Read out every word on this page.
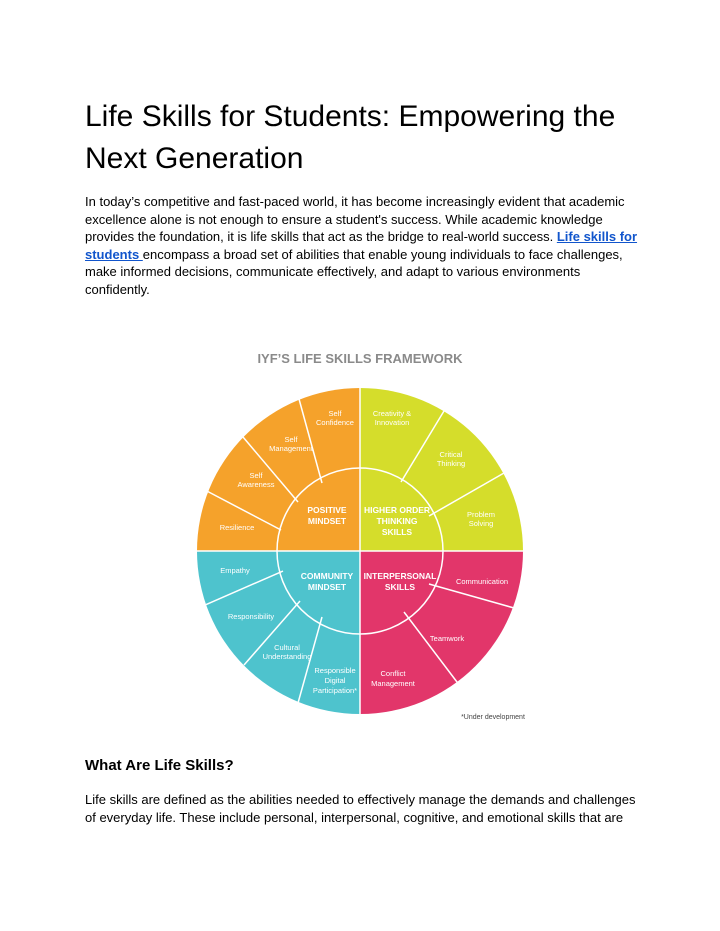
Life Skills for Students: Empowering the Next Generation

In today’s competitive and fast-paced world, it has become increasingly evident that academic excellence alone is not enough to ensure a student's success. While academic knowledge provides the foundation, it is life skills that act as the bridge to real-world success. Life skills for students encompass a broad set of abilities that enable young individuals to face challenges, make informed decisions, communicate effectively, and adapt to various environments confidently.

IYF’S LIFE SKILLS FRAMEWORK
POSITIVE
MINDSET
HIGHER ORDER
THINKING
SKILLS
COMMUNITY
MINDSET
INTERPERSONAL
SKILLS
Resilience
Self
Awareness
Self
Management
Self
Confidence
Creativity &
Innovation
Critical
Thinking
Problem
Solving
Empathy
Responsibility
Cultural
Understanding
Responsible
Digital
Participation*
Communication
Teamwork
Conflict
Management
*Under development
What Are Life Skills?

Life skills are defined as the abilities needed to effectively manage the demands and challenges of everyday life. These include personal, interpersonal, cognitive, and emotional skills that are
